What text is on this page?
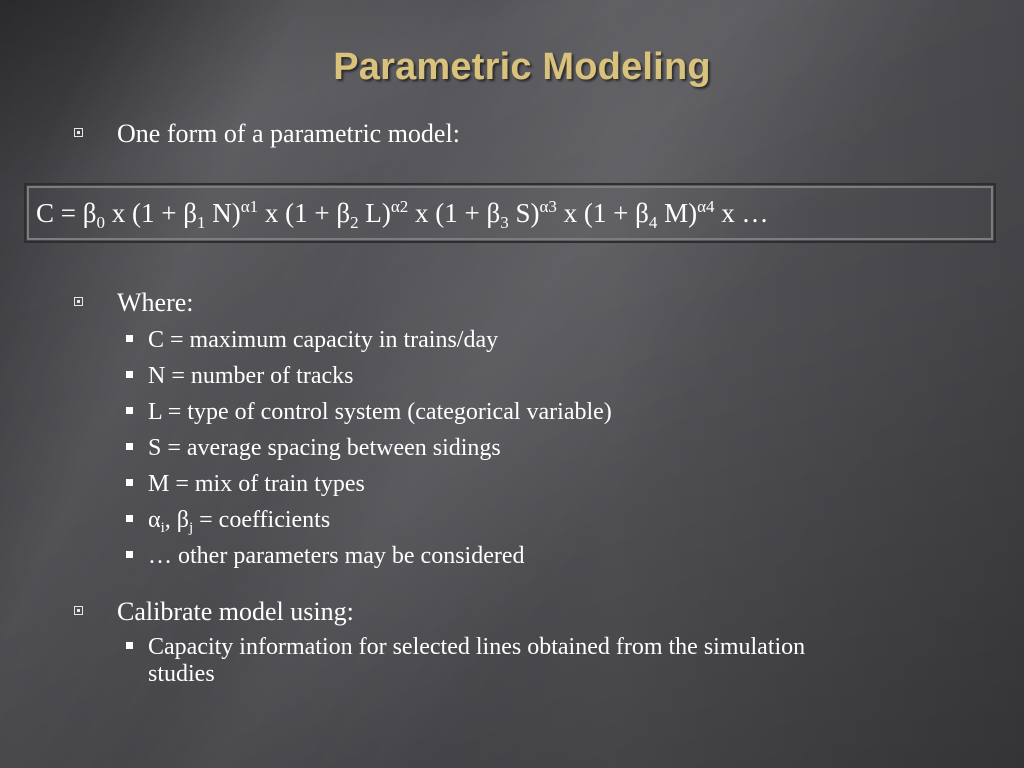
Parametric Modeling
One form of a parametric model:
$C = \beta_0$ x ($1 + \beta_1$ N)$^{\alpha 1}$ x ($1 + \beta_2$ L)$^{\alpha 2}$ x ($1 + \beta_3$ S)$^{\alpha 3}$ x ($1 + \beta_4$ M)$^{\alpha 4}$ x …
Where:
C = maximum capacity in trains/day
N = number of tracks
L = type of control system (categorical variable)
S = average spacing between sidings
M = mix of train types
$\alpha_i$, $\beta_j$ = coefficients
… other parameters may be considered
Calibrate model using:
Capacity information for selected lines obtained from the simulation studies
